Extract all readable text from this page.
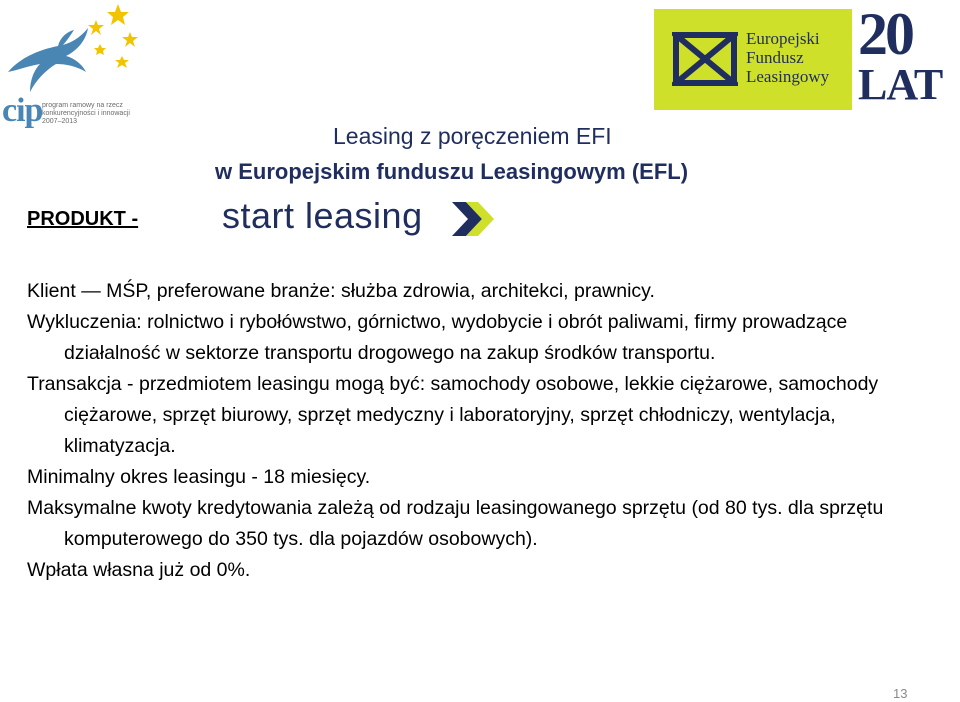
cip program ramowy na rzecz
konkurencyjności i innowacji
2007–2013
Europejski
Fundusz
Leasingowy
20
LAT
Leasing z poręczeniem EFI
w Europejskim funduszu Leasingowym (EFL)
PRODUKT - start leasing

Klient — MŚP, preferowane branże: służba zdrowia, architekci, prawnicy.

Wykluczenia: rolnictwo i rybołówstwo, górnictwo, wydobycie i obrót paliwami, firmy prowadzące działalność w sektorze transportu drogowego na zakup środków transportu.

Transakcja - przedmiotem leasingu mogą być: samochody osobowe, lekkie ciężarowe, samochody ciężarowe, sprzęt biurowy, sprzęt medyczny i laboratoryjny, sprzęt chłodniczy, wentylacja, klimatyzacja.

Minimalny okres leasingu - 18 miesięcy.

Maksymalne kwoty kredytowania zależą od rodzaju leasingowanego sprzętu (od 80 tys. dla sprzętu komputerowego do 350 tys. dla pojazdów osobowych).

Wpłata własna już od 0%.

13
